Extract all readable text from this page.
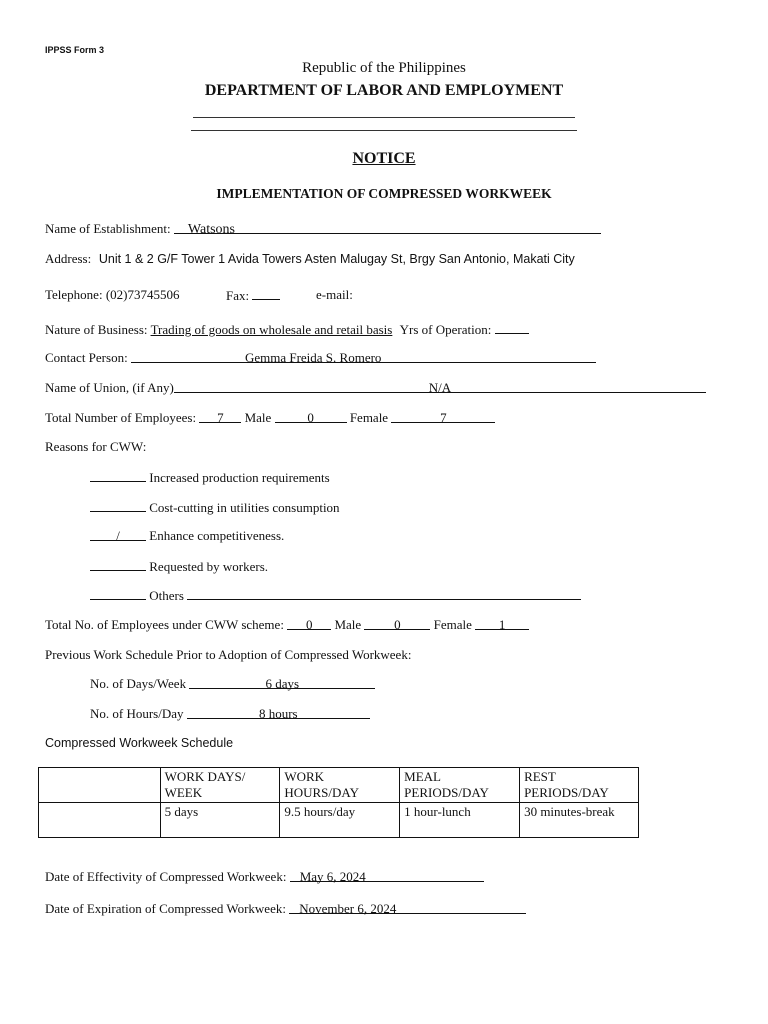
IPPSS Form 3
Republic of the Philippines
DEPARTMENT OF LABOR AND EMPLOYMENT
NOTICE
IMPLEMENTATION OF COMPRESSED WORKWEEK
Name of Establishment: Watsons
Address: Unit 1 & 2 G/F Tower 1 Avida Towers Asten Malugay St, Brgy San Antonio, Makati City
Telephone: (02)73745506	Fax:	e-mail:
Nature of Business: Trading of goods on wholesale and retail basis Yrs of Operation:
Contact Person:	Gemma Freida S. Romero
Name of Union, (if Any)	N/A
Total Number of Employees: 7 Male	0	Female	7
Reasons for CWW:
Increased production requirements
Cost-cutting in utilities consumption
/ Enhance competitiveness.
Requested by workers.
Others
Total No. of Employees under CWW scheme: 0 Male	0	Female 1
Previous Work Schedule Prior to Adoption of Compressed Workweek:
No. of Days/Week	6 days
No. of Hours/Day	8 hours
Compressed Workweek Schedule
	WORK DAYS/ WEEK	WORK HOURS/DAY	MEAL PERIODS/DAY	REST PERIODS/DAY
	5 days	9.5 hours/day	1 hour-lunch	30 minutes-break
Date of Effectivity of Compressed Workweek: May 6, 2024
Date of Expiration of Compressed Workweek: November 6, 2024
